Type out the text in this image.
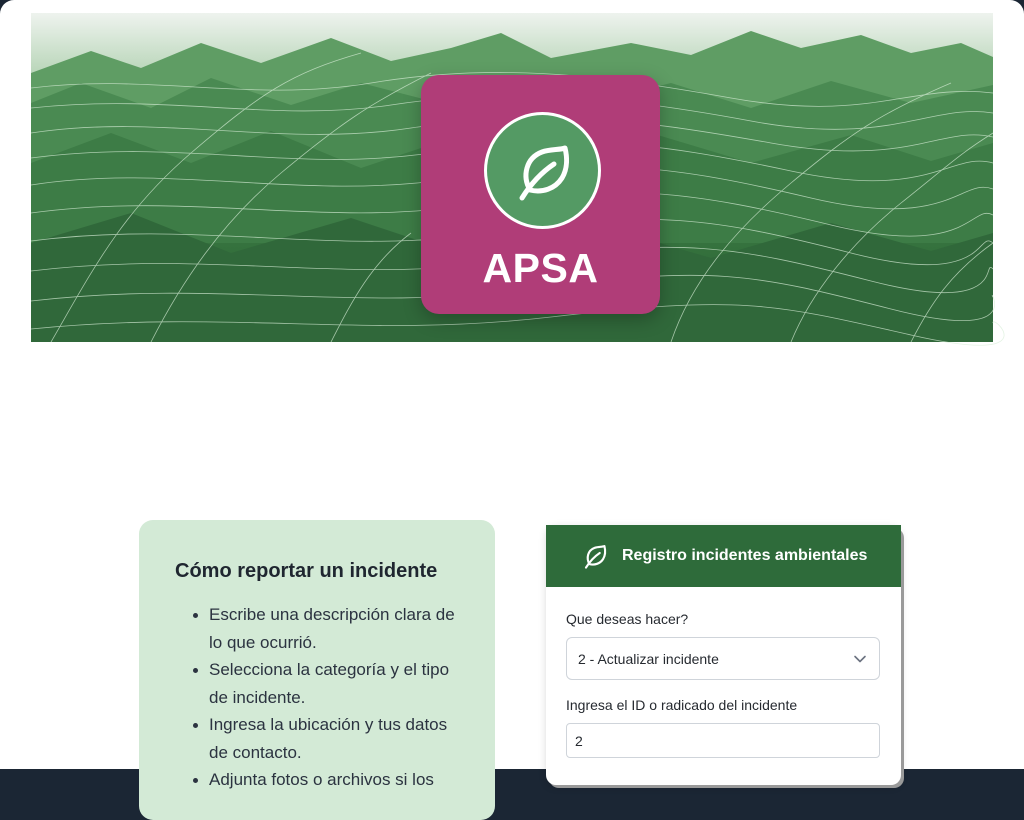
APSA
Cómo reportar un incidente
Escribe una descripción clara de lo que ocurrió.
Selecciona la categoría y el tipo de incidente.
Ingresa la ubicación y tus datos de contacto.
Adjunta fotos o archivos si los
Registro incidentes ambientales
Que deseas hacer?
2 - Actualizar incidente
Ingresa el ID o radicado del incidente
2
